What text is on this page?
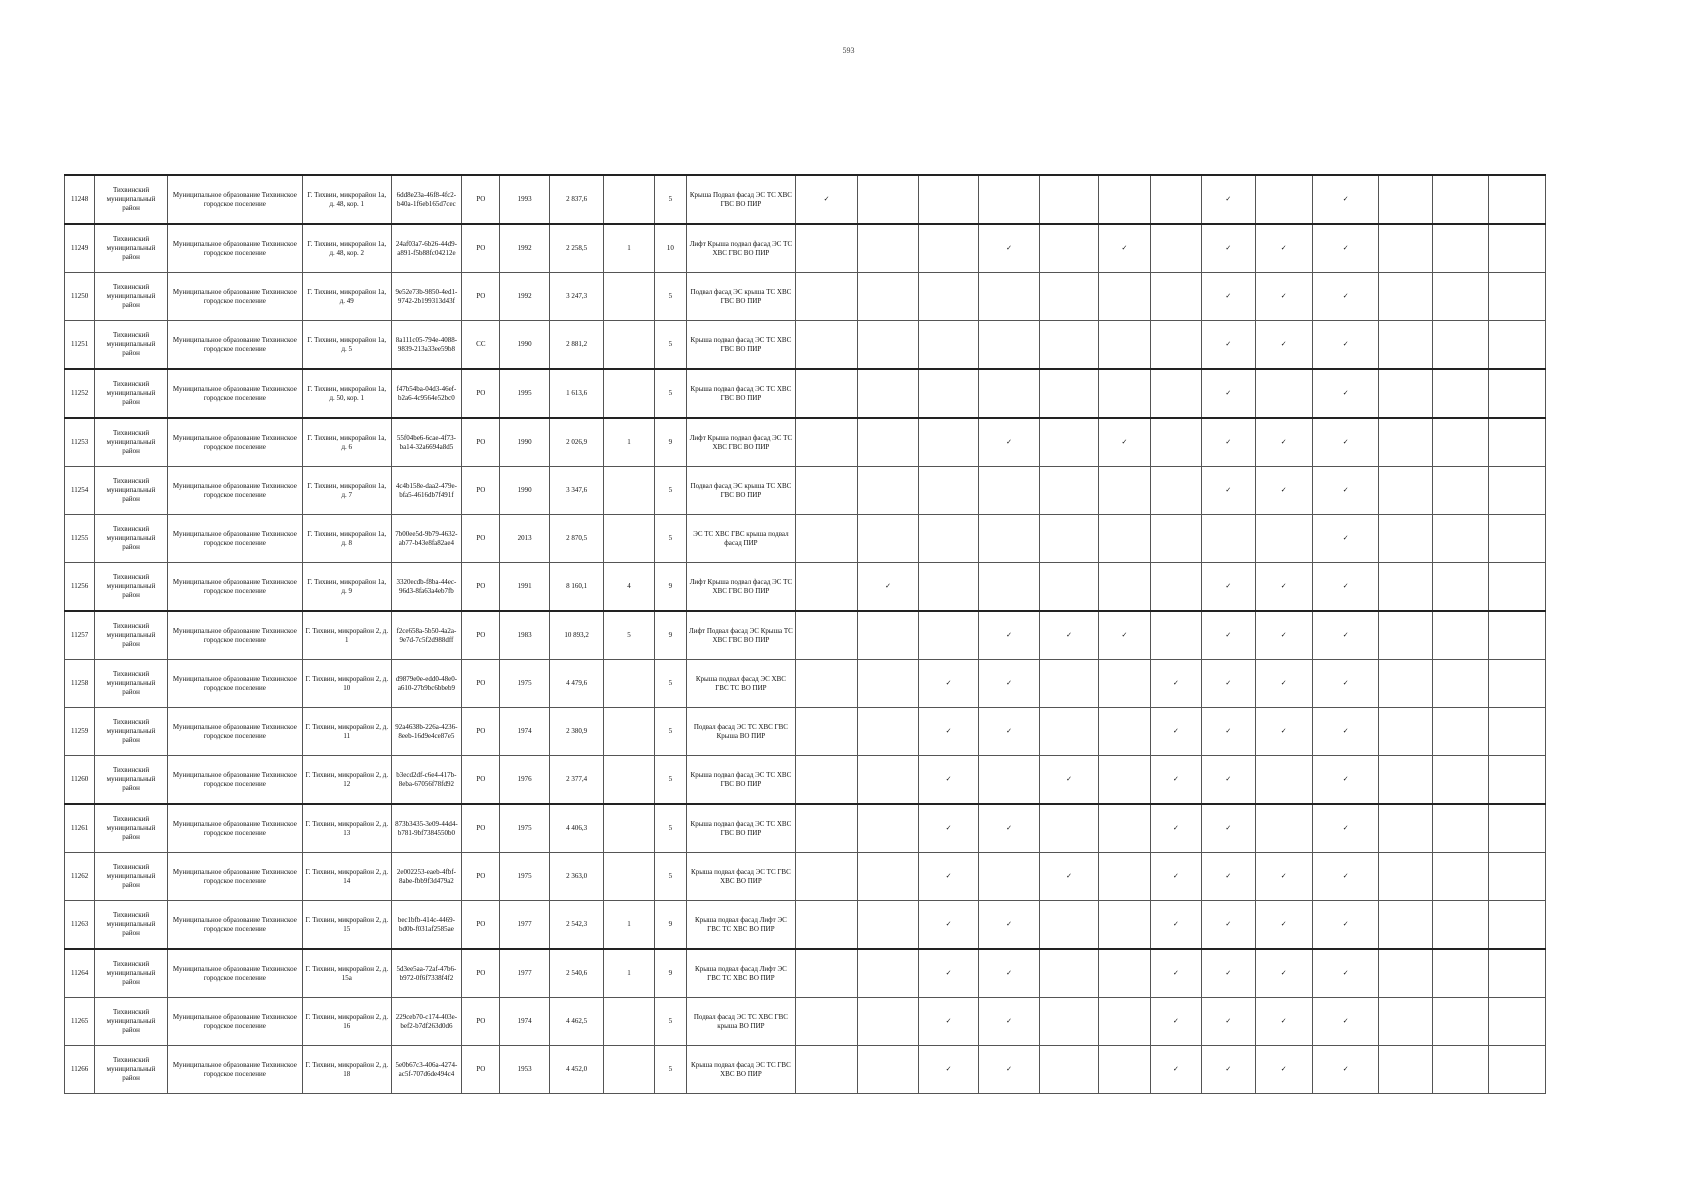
593
11248	Тихвинский муниципальный район	Муниципальное образование Тихвинское городское поселение	Г. Тихвин, микрорайон 1а, д. 48, кор. 1	6dd8e23a-46f8-4fc2-b40a-1f6eb165d7cec	РО	1993	2 837,6		5	Крыша Подвал фасад ЭС ТС ХВС ГВС ВО ПИР	✓							✓		✓			
11249	Тихвинский муниципальный район	Муниципальное образование Тихвинское городское поселение	Г. Тихвин, микрорайон 1а, д. 48, кор. 2	24af03a7-6b26-44d9-a891-f5b88fc04212e	РО	1992	2 258,5	1	10	Лифт Крыша подвал фасад ЭС ТС ХВС ГВС ВО ПИР				✓		✓		✓	✓	✓			
11250	Тихвинский муниципальный район	Муниципальное образование Тихвинское городское поселение	Г. Тихвин, микрорайон 1а, д. 49	9e52e73b-9850-4ed1-9742-2b199313d43f	РО	1992	3 247,3		5	Подвал фасад ЭС крыша ТС ХВС ГВС ВО ПИР								✓	✓	✓			
11251	Тихвинский муниципальный район	Муниципальное образование Тихвинское городское поселение	Г. Тихвин, микрорайон 1а, д. 5	8a111c05-794e-4088-9839-213a33ee59b8	СС	1990	2 881,2		5	Крыша подвал фасад ЭС ТС ХВС ГВС ВО ПИР								✓	✓	✓			
11252	Тихвинский муниципальный район	Муниципальное образование Тихвинское городское поселение	Г. Тихвин, микрорайон 1а, д. 50, кор. 1	f47b54ba-04d3-46ef-b2a6-4c9564e52bc0	РО	1995	1 613,6		5	Крыша подвал фасад ЭС ТС ХВС ГВС ВО ПИР								✓		✓			
11253	Тихвинский муниципальный район	Муниципальное образование Тихвинское городское поселение	Г. Тихвин, микрорайон 1а, д. 6	55f04be6-6cae-4f73-ba14-32a6694a8d5	РО	1990	2 026,9	1	9	Лифт Крыша подвал фасад ЭС ТС ХВС ГВС ВО ПИР				✓		✓		✓	✓	✓			
11254	Тихвинский муниципальный район	Муниципальное образование Тихвинское городское поселение	Г. Тихвин, микрорайон 1а, д. 7	4c4b158e-daa2-479e-bfa5-4616db7f491f	РО	1990	3 347,6		5	Подвал фасад ЭС крыша ТС ХВС ГВС ВО ПИР								✓	✓	✓			
11255	Тихвинский муниципальный район	Муниципальное образование Тихвинское городское поселение	Г. Тихвин, микрорайон 1а, д. 8	7b00ee5d-9b79-4632-ab77-b43e8fa82ae4	РО	2013	2 870,5		5	ЭС ТС ХВС ГВС крыша подвал фасад ПИР										✓			
11256	Тихвинский муниципальный район	Муниципальное образование Тихвинское городское поселение	Г. Тихвин, микрорайон 1а, д. 9	3320ecdb-f8ba-44ec-96d3-8fa63a4eb7fb	РО	1991	8 160,1	4	9	Лифт Крыша подвал фасад ЭС ТС ХВС ГВС ВО ПИР		✓						✓	✓	✓			
11257	Тихвинский муниципальный район	Муниципальное образование Тихвинское городское поселение	Г. Тихвин, микрорайон 2, д. 1	f2ce658a-5b50-4a2a-9e7d-7c5f2d988dff	РО	1983	10 893,2	5	9	Лифт Подвал фасад ЭС Крыша ТС ХВС ГВС ВО ПИР				✓	✓	✓		✓	✓	✓			
11258	Тихвинский муниципальный район	Муниципальное образование Тихвинское городское поселение	Г. Тихвин, микрорайон 2, д. 10	d9879e0e-edd0-48e0-a610-27b9bc6bbeb9	РО	1975	4 479,6		5	Крыша подвал фасад ЭС ХВС ГВС ТС ВО ПИР			✓	✓			✓	✓	✓	✓			
11259	Тихвинский муниципальный район	Муниципальное образование Тихвинское городское поселение	Г. Тихвин, микрорайон 2, д. 11	92a4638b-226a-4236-8eeb-16d9e4ce87e5	РО	1974	2 380,9		5	Подвал фасад ЭС ТС ХВС ГВС Крыша ВО ПИР			✓	✓			✓	✓	✓	✓			
11260	Тихвинский муниципальный район	Муниципальное образование Тихвинское городское поселение	Г. Тихвин, микрорайон 2, д. 12	b3ecd2df-c6e4-417b-8eba-67056f78fd92	РО	1976	2 377,4		5	Крыша подвал фасад ЭС ТС ХВС ГВС ВО ПИР			✓		✓		✓	✓		✓			
11261	Тихвинский муниципальный район	Муниципальное образование Тихвинское городское поселение	Г. Тихвин, микрорайон 2, д. 13	873b3435-3e09-44d4-b781-9bf7384550b0	РО	1975	4 406,3		5	Крыша подвал фасад ЭС ТС ХВС ГВС ВО ПИР			✓	✓			✓	✓		✓			
11262	Тихвинский муниципальный район	Муниципальное образование Тихвинское городское поселение	Г. Тихвин, микрорайон 2, д. 14	2e002253-eaeb-4fbf-8abe-fbb9f3d479a2	РО	1975	2 363,0		5	Крыша подвал фасад ЭС ТС ГВС ХВС ВО ПИР			✓		✓		✓	✓	✓	✓			
11263	Тихвинский муниципальный район	Муниципальное образование Тихвинское городское поселение	Г. Тихвин, микрорайон 2, д. 15	bec1bfb-414c-4469-bd0b-f031af2585ae	РО	1977	2 542,3	1	9	Крыша подвал фасад Лифт ЭС ГВС ТС ХВС ВО ПИР			✓	✓			✓	✓	✓	✓			
11264	Тихвинский муниципальный район	Муниципальное образование Тихвинское городское поселение	Г. Тихвин, микрорайон 2, д. 15а	5d3ee5aa-72af-47b6-b972-0f6f7338f4f2	РО	1977	2 540,6	1	9	Крыша подвал фасад Лифт ЭС ГВС ТС ХВС ВО ПИР			✓	✓			✓	✓	✓	✓			
11265	Тихвинский муниципальный район	Муниципальное образование Тихвинское городское поселение	Г. Тихвин, микрорайон 2, д. 16	229ceb70-c174-403e-bef2-b7df263d0d6	РО	1974	4 462,5		5	Подвал фасад ЭС ТС ХВС ГВС крыша ВО ПИР			✓	✓			✓	✓	✓	✓			
11266	Тихвинский муниципальный район	Муниципальное образование Тихвинское городское поселение	Г. Тихвин, микрорайон 2, д. 18	5e0b67c3-406a-4274-ac5f-707d6de494c4	РО	1953	4 452,0		5	Крыша подвал фасад ЭС ТС ГВС ХВС ВО ПИР			✓	✓			✓	✓	✓	✓			
